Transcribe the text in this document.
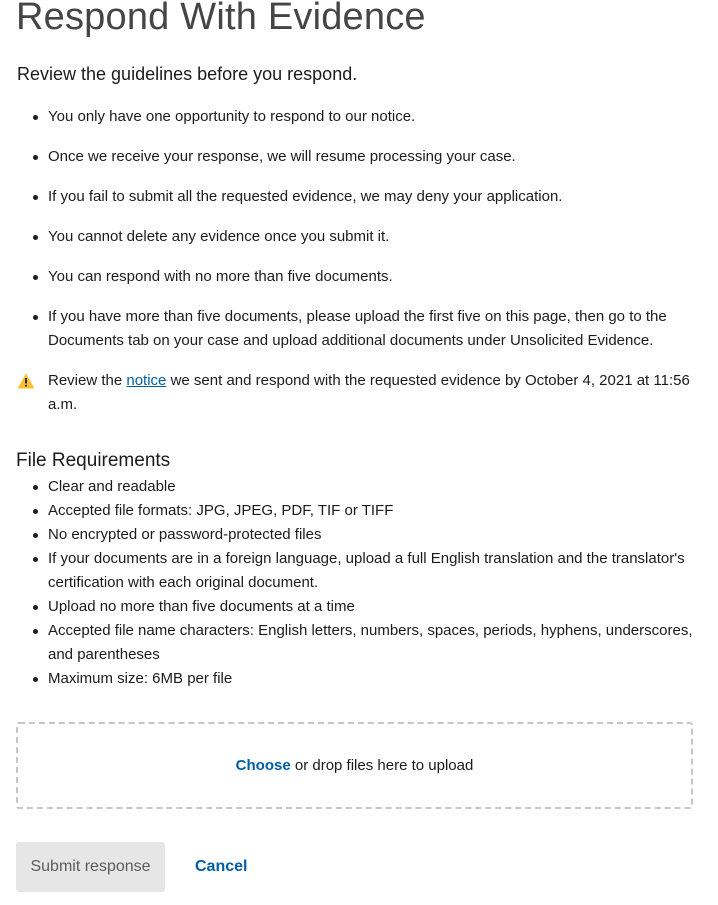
Respond With Evidence
Review the guidelines before you respond.
You only have one opportunity to respond to our notice.
Once we receive your response, we will resume processing your case.
If you fail to submit all the requested evidence, we may deny your application.
You cannot delete any evidence once you submit it.
You can respond with no more than five documents.
If you have more than five documents, please upload the first five on this page, then go to the Documents tab on your case and upload additional documents under Unsolicited Evidence.
Review the notice we sent and respond with the requested evidence by October 4, 2021 at 11:56 a.m.
File Requirements
Clear and readable
Accepted file formats: JPG, JPEG, PDF, TIF or TIFF
No encrypted or password-protected files
If your documents are in a foreign language, upload a full English translation and the translator's certification with each original document.
Upload no more than five documents at a time
Accepted file name characters: English letters, numbers, spaces, periods, hyphens, underscores, and parentheses
Maximum size: 6MB per file
Choose or drop files here to upload
Submit response	Cancel
